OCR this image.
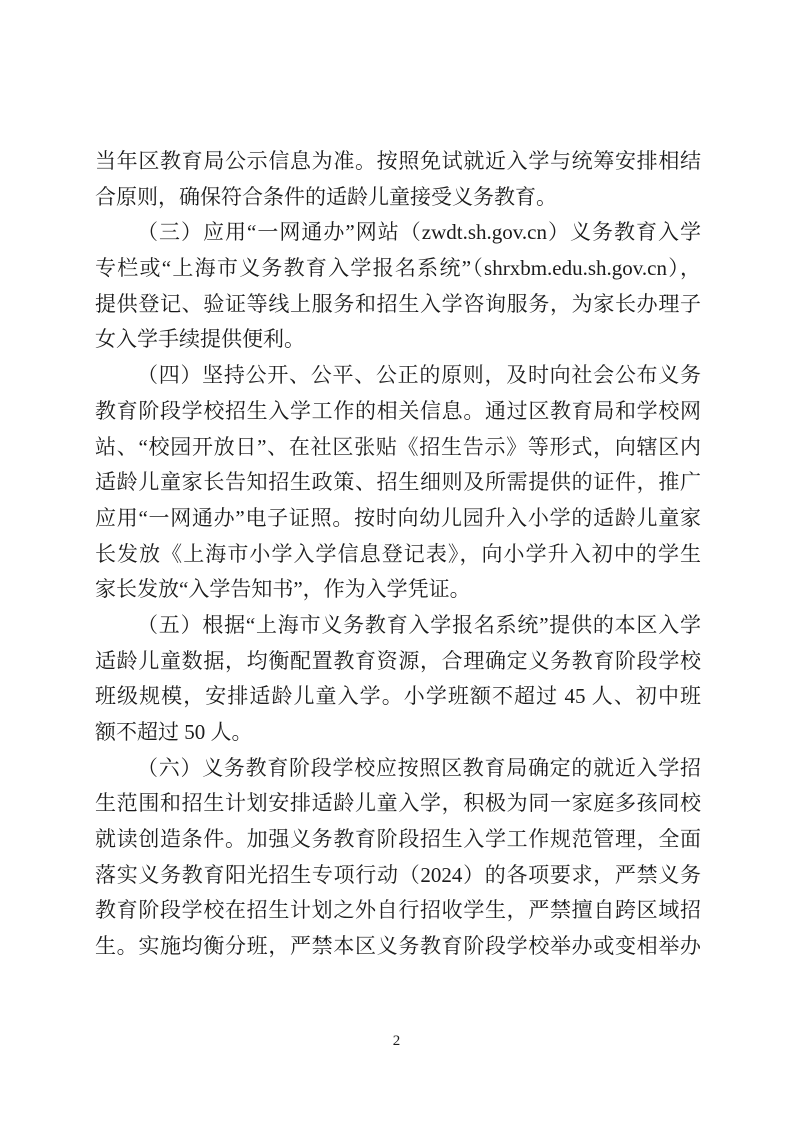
当年区教育局公示信息为准。按照免试就近入学与统筹安排相结
合原则，确保符合条件的适龄儿童接受义务教育。
（三）应用“一网通办”网站（zwdt.sh.gov.cn）义务教育入学
专栏或“上海市义务教育入学报名系统”（shrxbm.edu.sh.gov.cn），
提供登记、验证等线上服务和招生入学咨询服务，为家长办理子
女入学手续提供便利。
（四）坚持公开、公平、公正的原则，及时向社会公布义务
教育阶段学校招生入学工作的相关信息。通过区教育局和学校网
站、“校园开放日”、在社区张贴《招生告示》等形式，向辖区内
适龄儿童家长告知招生政策、招生细则及所需提供的证件，推广
应用“一网通办”电子证照。按时向幼儿园升入小学的适龄儿童家
长发放《上海市小学入学信息登记表》，向小学升入初中的学生
家长发放“入学告知书”，作为入学凭证。
（五）根据“上海市义务教育入学报名系统”提供的本区入学
适龄儿童数据，均衡配置教育资源，合理确定义务教育阶段学校
班级规模，安排适龄儿童入学。小学班额不超过 45 人、初中班
额不超过 50 人。
（六）义务教育阶段学校应按照区教育局确定的就近入学招
生范围和招生计划安排适龄儿童入学，积极为同一家庭多孩同校
就读创造条件。加强义务教育阶段招生入学工作规范管理，全面
落实义务教育阳光招生专项行动（2024）的各项要求，严禁义务
教育阶段学校在招生计划之外自行招收学生，严禁擅自跨区域招
生。实施均衡分班，严禁本区义务教育阶段学校举办或变相举办
2
